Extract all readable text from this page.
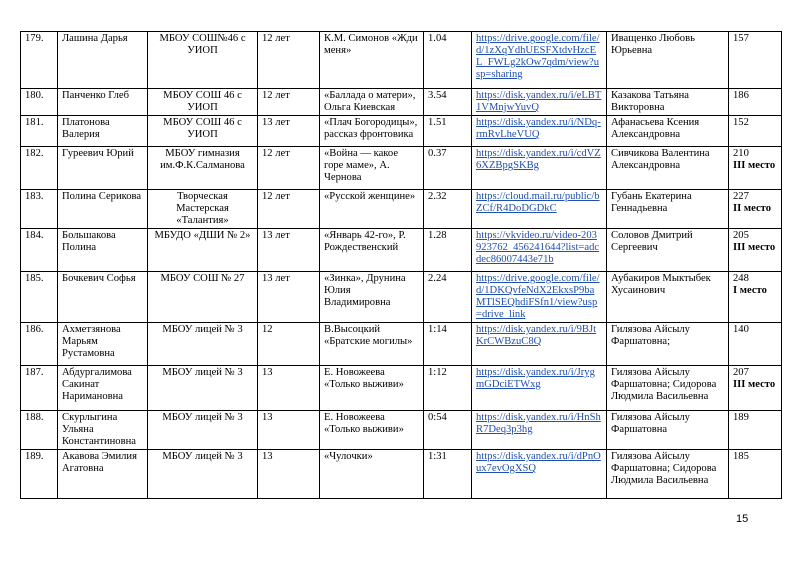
179.	Лашина Дарья	МБОУ СОШ№46 с УИОП	12 лет	К.М. Симонов «Жди меня»	1.04	https://drive.google.com/file/d/1zXqYdhUESFXtdvHzcEL_FWLg2kOw7qdm/view?usp=sharing	Иващенко Любовь Юрьевна	157

180.	Панченко Глеб	МБОУ СОШ 46 с УИОП	12 лет	«Баллада о матери», Ольга Киевская	3.54	https://disk.yandex.ru/i/eLBT1VMnjwYuvQ	Казакова Татьяна Викторовна	186

181.	Платонова Валерия	МБОУ СОШ 46 с УИОП	13 лет	«Плач Богородицы», рассказ фронтовика	1.51	https://disk.yandex.ru/i/NDq-rmRvLheVUQ	Афанасьева Ксения Александровна	152

182.	Гуреевич Юрий	МБОУ гимназия им.Ф.К.Салманова	12 лет	«Война — какое горе маме», А. Чернова	0.37	https://disk.yandex.ru/i/cdVZ6XZBpgSKBg	Сивчикова Валентина Александровна	210
III место

183.	Полина Серикова	Творческая Мастерская «Талантия»	12 лет	«Русской женщине»	2.32	https://cloud.mail.ru/public/bZCf/R4DoDGDkC	Губань Екатерина Геннадьевна	227
II место

184.	Большакова Полина	МБУДО «ДШИ № 2»	13 лет	«Январь 42-го», Р. Рождественский	1.28	https://vkvideo.ru/video-203923762_456241644?list=adcdec86007443e71b	Соловов Дмитрий Сергеевич	205
III место

185.	Бочкевич Софья	МБОУ СОШ № 27	13 лет	«Зинка», Друнина Юлия Владимировна	2.24	https://drive.google.com/file/d/1DKQvfeNdX2EkxsP9baMTlSEQhdiFSfn1/view?usp=drive_link	Аубакиров Мыктыбек Хусаинович	248
I место

186.	Ахметзянова Марьям Рустамовна	МБОУ лицей № 3	12	В.Высоцкий «Братские могилы»	1:14	https://disk.yandex.ru/i/9BJtKrCWBzuC8Q	Гилязова Айсылу Фаршатовна;	140

187.	Абдургалимова Сакинат Наримановна	МБОУ лицей № 3	13	Е. Новожеева «Только выживи»	1:12	https://disk.yandex.ru/i/JrygmGDciETWxg	Гилязова Айсылу Фаршатовна; Сидорова Людмила Васильевна	207
III место

188.	Скурлыгина Ульяна Константиновна	МБОУ лицей № 3	13	Е. Новожеева «Только выживи»	0:54	https://disk.yandex.ru/i/HnShR7Deq3p3hg	Гилязова Айсылу Фаршатовна	189

189.	Акавова Эмилия Агатовна	МБОУ лицей № 3	13	«Чулочки»	1:31	https://disk.yandex.ru/i/dPnOux7evOgXSQ	Гилязова Айсылу Фаршатовна; Сидорова Людмила Васильевна	185
15
